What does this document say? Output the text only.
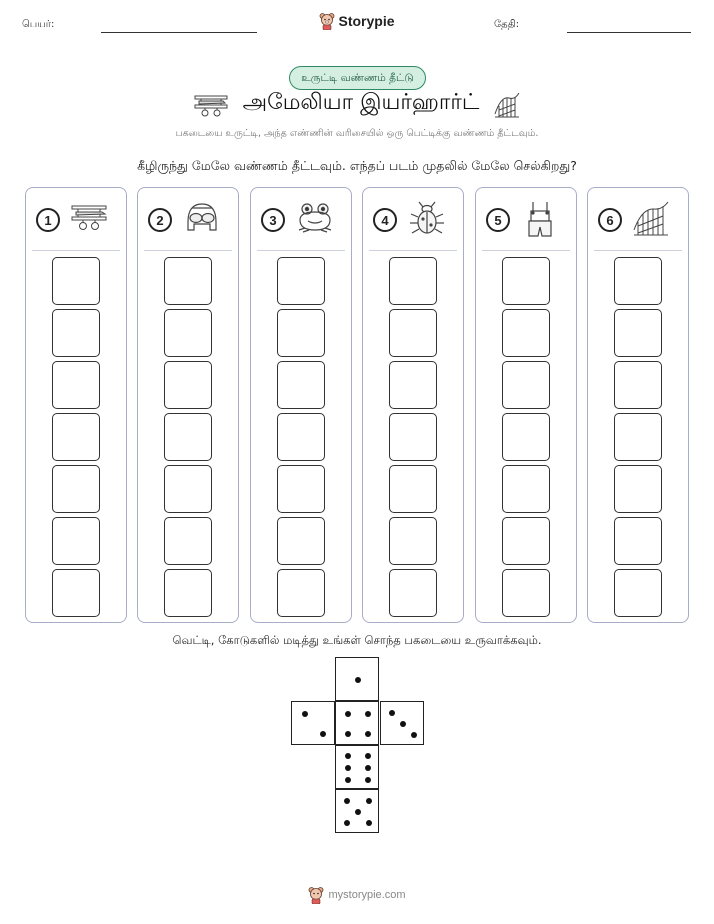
பெயர்:	Storypie	தேதி:
உருட்டி வண்ணம் தீட்டு
அமேலியா இயர்ஹார்ட்
பகடையை உருட்டி, அந்த எண்ணின் வரிசையில் ஒரு பெட்டிக்கு வண்ணம் தீட்டவும்.
கீழிருந்து மேலே வண்ணம் தீட்டவும். எந்தப் படம் முதலில் மேலே செல்கிறது?
1	2	3	4	5	6
வெட்டி, கோடுகளில் மடித்து உங்கள் சொந்த பகடையை உருவாக்கவும்.
mystorypie.com
